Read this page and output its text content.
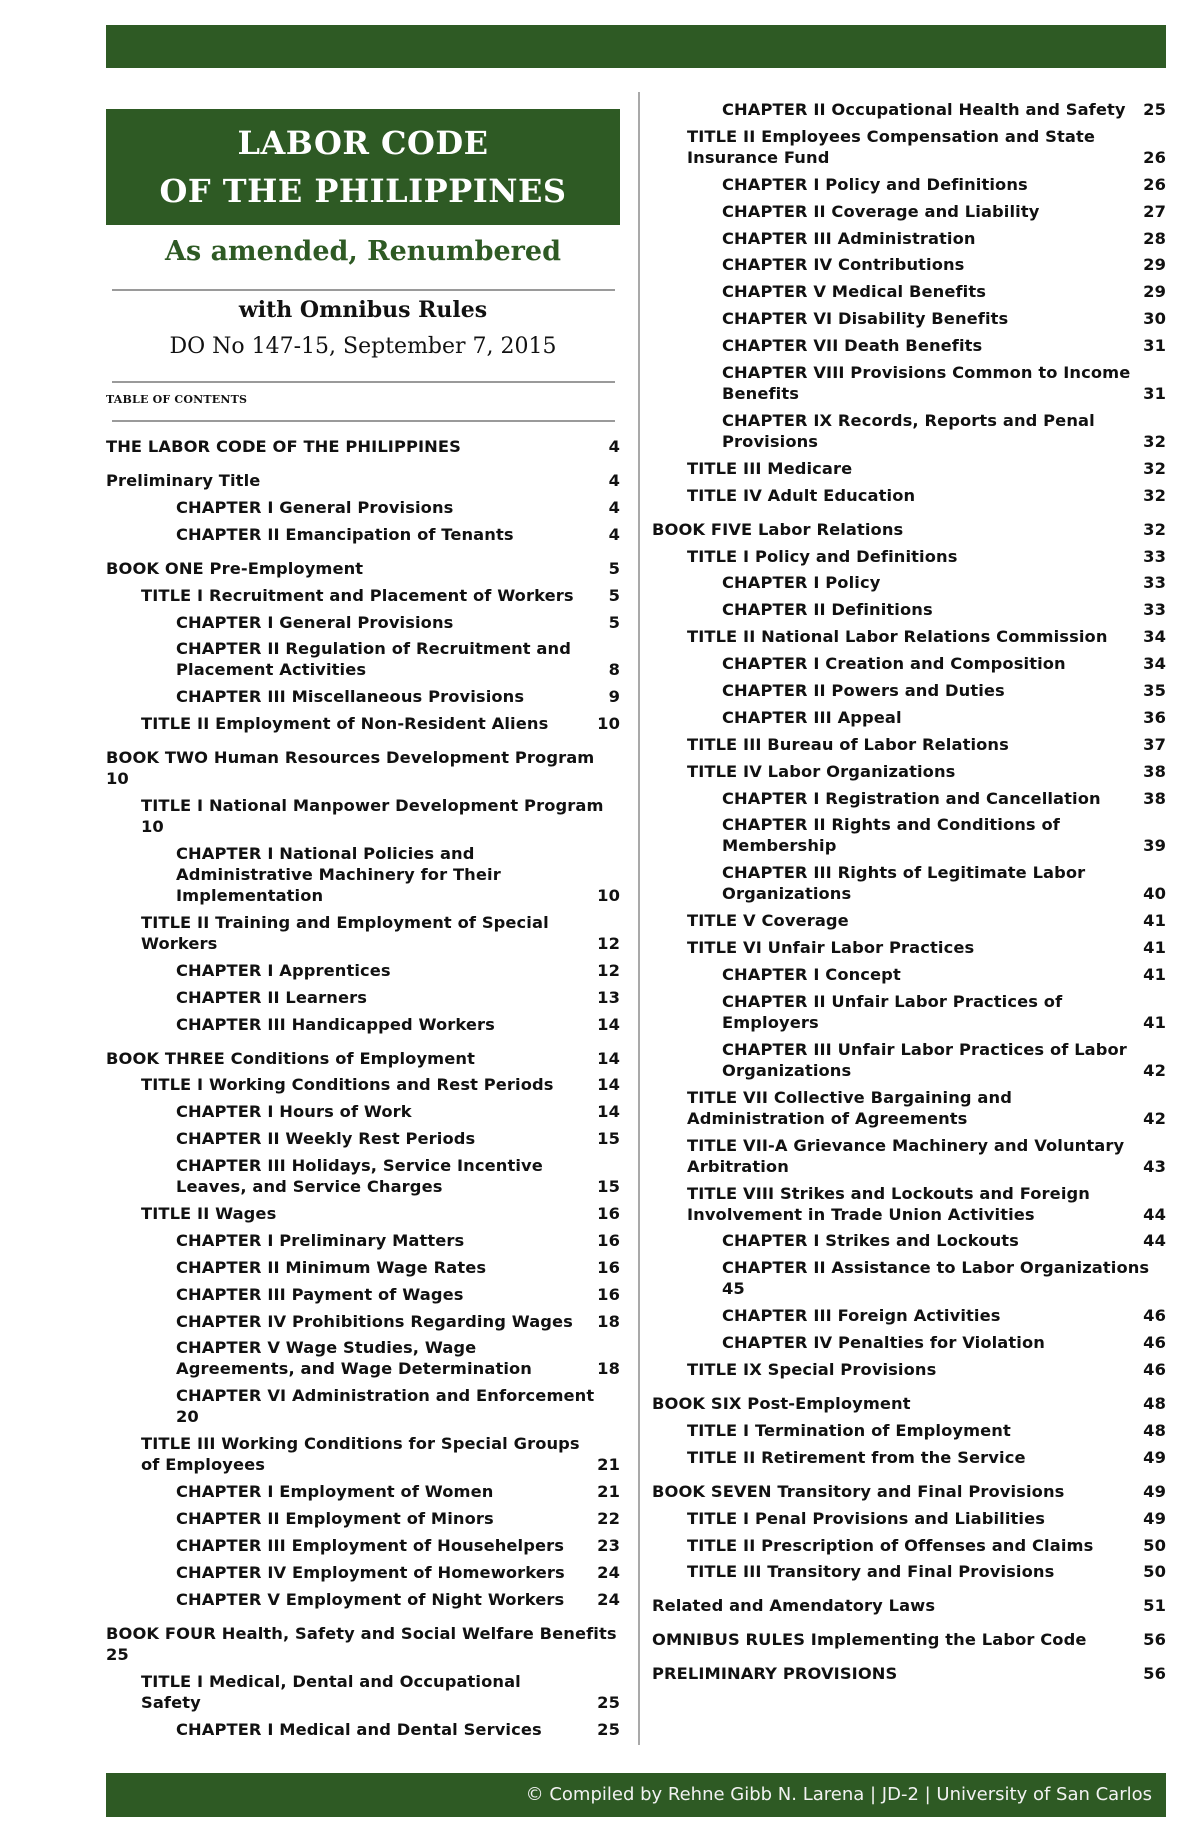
LABOR CODE
OF THE PHILIPPINES
As amended, Renumbered
with Omnibus Rules
DO No 147-15, September 7, 2015
TABLE OF CONTENTS
THE LABOR CODE OF THE PHILIPPINES	4
Preliminary Title	4
CHAPTER I General Provisions	4
CHAPTER II Emancipation of Tenants	4
BOOK ONE Pre-Employment	5
TITLE I Recruitment and Placement of Workers	5
CHAPTER I General Provisions	5
CHAPTER II Regulation of Recruitment and Placement Activities	8
CHAPTER III Miscellaneous Provisions	9
TITLE II Employment of Non-Resident Aliens	10
BOOK TWO Human Resources Development Program
10
TITLE I National Manpower Development Program
10
CHAPTER I National Policies and Administrative Machinery for Their Implementation	10
TITLE II Training and Employment of Special Workers	12
CHAPTER I Apprentices	12
CHAPTER II Learners	13
CHAPTER III Handicapped Workers	14
BOOK THREE Conditions of Employment	14
TITLE I Working Conditions and Rest Periods	14
CHAPTER I Hours of Work	14
CHAPTER II Weekly Rest Periods	15
CHAPTER III Holidays, Service Incentive Leaves, and Service Charges	15
TITLE II Wages	16
CHAPTER I Preliminary Matters	16
CHAPTER II Minimum Wage Rates	16
CHAPTER III Payment of Wages	16
CHAPTER IV Prohibitions Regarding Wages	18
CHAPTER V Wage Studies, Wage Agreements, and Wage Determination	18
CHAPTER VI Administration and Enforcement
20
TITLE III Working Conditions for Special Groups of Employees	21
CHAPTER I Employment of Women	21
CHAPTER II Employment of Minors	22
CHAPTER III Employment of Househelpers	23
CHAPTER IV Employment of Homeworkers	24
CHAPTER V Employment of Night Workers	24
BOOK FOUR Health, Safety and Social Welfare Benefits
25
TITLE I Medical, Dental and Occupational Safety	25
CHAPTER I Medical and Dental Services	25
CHAPTER II Occupational Health and Safety	25
TITLE II Employees Compensation and State Insurance Fund	26
CHAPTER I Policy and Definitions	26
CHAPTER II Coverage and Liability	27
CHAPTER III Administration	28
CHAPTER IV Contributions	29
CHAPTER V Medical Benefits	29
CHAPTER VI Disability Benefits	30
CHAPTER VII Death Benefits	31
CHAPTER VIII Provisions Common to Income Benefits	31
CHAPTER IX Records, Reports and Penal Provisions	32
TITLE III Medicare	32
TITLE IV Adult Education	32
BOOK FIVE Labor Relations	32
TITLE I Policy and Definitions	33
CHAPTER I Policy	33
CHAPTER II Definitions	33
TITLE II National Labor Relations Commission	34
CHAPTER I Creation and Composition	34
CHAPTER II Powers and Duties	35
CHAPTER III Appeal	36
TITLE III Bureau of Labor Relations	37
TITLE IV Labor Organizations	38
CHAPTER I Registration and Cancellation	38
CHAPTER II Rights and Conditions of Membership	39
CHAPTER III Rights of Legitimate Labor Organizations	40
TITLE V Coverage	41
TITLE VI Unfair Labor Practices	41
CHAPTER I Concept	41
CHAPTER II Unfair Labor Practices of Employers	41
CHAPTER III Unfair Labor Practices of Labor Organizations	42
TITLE VII Collective Bargaining and Administration of Agreements	42
TITLE VII-A Grievance Machinery and Voluntary Arbitration	43
TITLE VIII Strikes and Lockouts and Foreign Involvement in Trade Union Activities	44
CHAPTER I Strikes and Lockouts	44
CHAPTER II Assistance to Labor Organizations
45
CHAPTER III Foreign Activities	46
CHAPTER IV Penalties for Violation	46
TITLE IX Special Provisions	46
BOOK SIX Post-Employment	48
TITLE I Termination of Employment	48
TITLE II Retirement from the Service	49
BOOK SEVEN Transitory and Final Provisions	49
TITLE I Penal Provisions and Liabilities	49
TITLE II Prescription of Offenses and Claims	50
TITLE III Transitory and Final Provisions	50
Related and Amendatory Laws	51
OMNIBUS RULES Implementing the Labor Code	56
PRELIMINARY PROVISIONS	56
© Compiled by Rehne Gibb N. Larena | JD-2 | University of San Carlos
